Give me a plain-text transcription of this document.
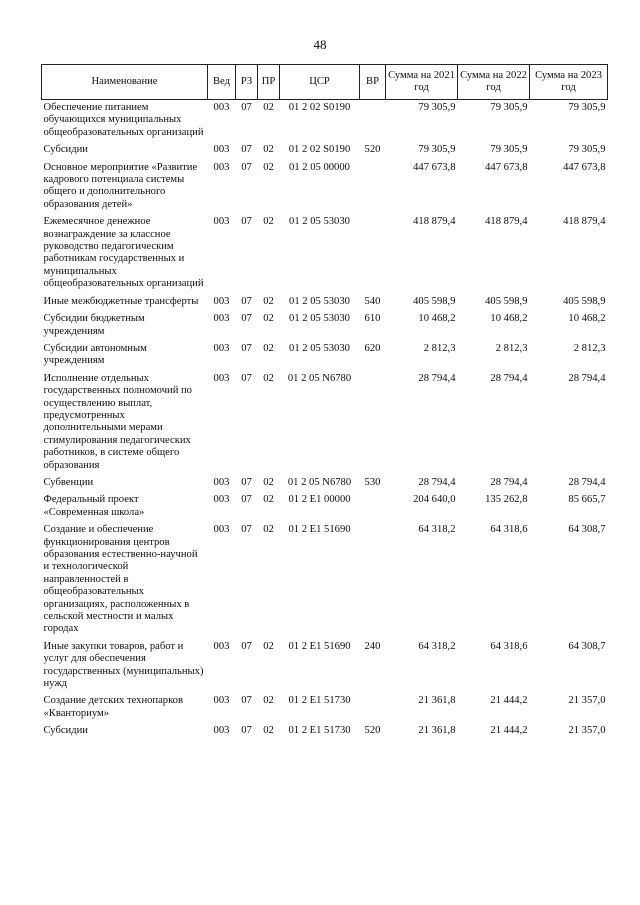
48
Наименование	Вед	РЗ	ПР	ЦСР	ВР	Сумма на 2021 год	Сумма на 2022 год	Сумма на 2023 год
Обеспечение питанием обучающихся муниципальных общеобразовательных организаций	003	07	02	01 2 02 S0190		79 305,9	79 305,9	79 305,9
Субсидии	003	07	02	01 2 02 S0190	520	79 305,9	79 305,9	79 305,9
Основное мероприятие «Развитие кадрового потенциала системы общего и дополнительного образования детей»	003	07	02	01 2 05 00000		447 673,8	447 673,8	447 673,8
Ежемесячное денежное вознаграждение за классное руководство педагогическим работникам государственных и муниципальных общеобразовательных организаций	003	07	02	01 2 05 53030		418 879,4	418 879,4	418 879,4
Иные межбюджетные трансферты	003	07	02	01 2 05 53030	540	405 598,9	405 598,9	405 598,9
Субсидии бюджетным учреждениям	003	07	02	01 2 05 53030	610	10 468,2	10 468,2	10 468,2
Субсидии автономным учреждениям	003	07	02	01 2 05 53030	620	2 812,3	2 812,3	2 812,3
Исполнение отдельных государственных полномочий по осуществлению выплат, предусмотренных дополнительными мерами стимулирования педагогических работников, в системе общего образования	003	07	02	01 2 05 N6780		28 794,4	28 794,4	28 794,4
Субвенции	003	07	02	01 2 05 N6780	530	28 794,4	28 794,4	28 794,4
Федеральный проект «Современная школа»	003	07	02	01 2 E1 00000		204 640,0	135 262,8	85 665,7
Создание и обеспечение функционирования центров образования естественно-научной и технологической направленностей в общеобразовательных организациях, расположенных в сельской местности и малых городах	003	07	02	01 2 E1 51690		64 318,2	64 318,6	64 308,7
Иные закупки товаров, работ и услуг для обеспечения государственных (муниципальных) нужд	003	07	02	01 2 E1 51690	240	64 318,2	64 318,6	64 308,7
Создание детских технопарков «Кванториум»	003	07	02	01 2 E1 51730		21 361,8	21 444,2	21 357,0
Субсидии	003	07	02	01 2 E1 51730	520	21 361,8	21 444,2	21 357,0
